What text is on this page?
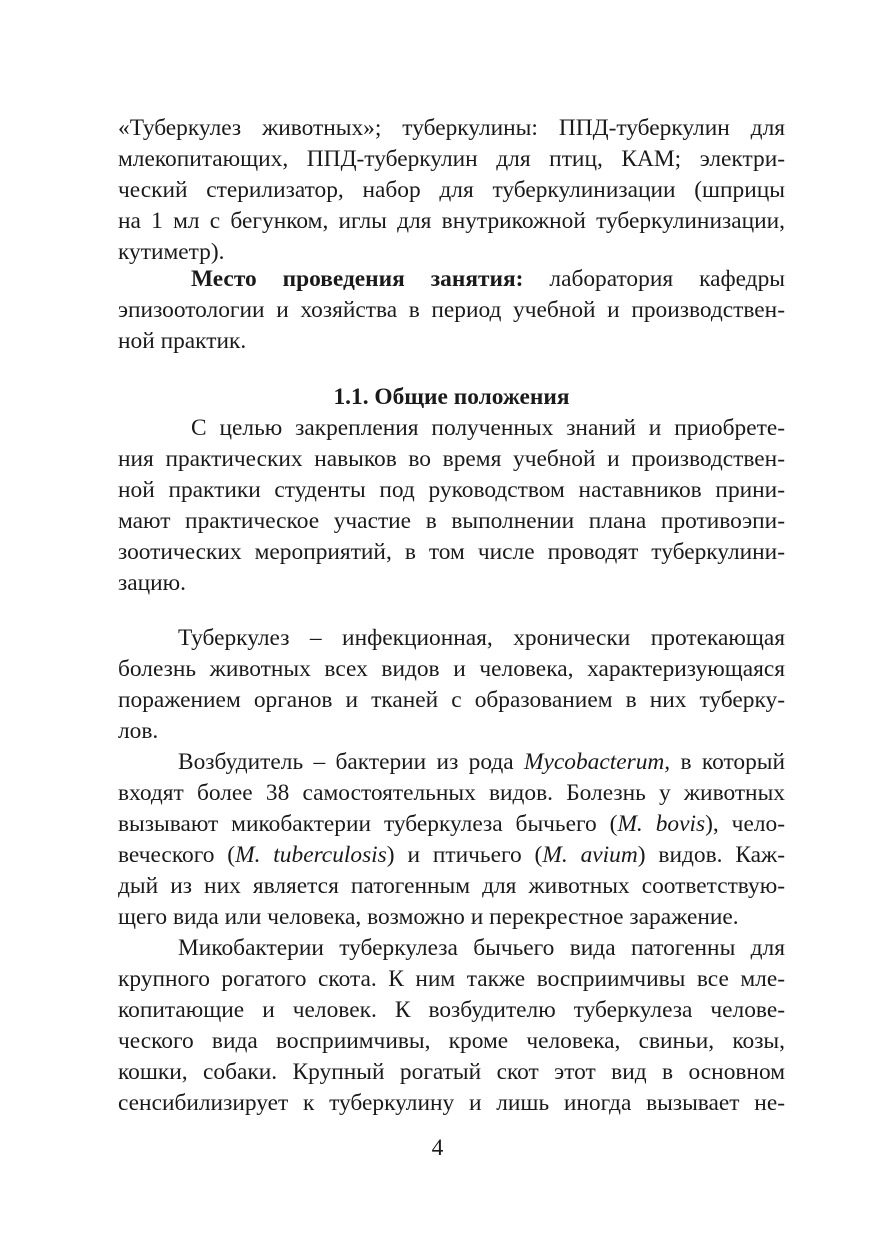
«Туберкулез животных»; туберкулины: ППД-туберкулин для
млекопитающих, ППД-туберкулин для птиц, КАМ; электри-
ческий стерилизатор, набор для туберкулинизации (шприцы
на 1 мл с бегунком, иглы для внутрикожной туберкулинизации,
кутиметр).
Место проведения занятия: лаборатория кафедры
эпизоотологии и хозяйства в период учебной и производствен-
ной практик.
1.1. Общие положения
С целью закрепления полученных знаний и приобрете-
ния практических навыков во время учебной и производствен-
ной практики студенты под руководством наставников прини-
мают практическое участие в выполнении плана противоэпи-
зоотических мероприятий, в том числе проводят туберкулини-
зацию.
Туберкулез – инфекционная, хронически протекающая
болезнь животных всех видов и человека, характеризующаяся
поражением органов и тканей с образованием в них туберку-
лов.
Возбудитель – бактерии из рода Mycobacterum, в который
входят более 38 самостоятельных видов. Болезнь у животных
вызывают микобактерии туберкулеза бычьего (M. bovis), чело-
веческого (M. tuberculosis) и птичьего (M. avium) видов. Каж-
дый из них является патогенным для животных соответствую-
щего вида или человека, возможно и перекрестное заражение.
Микобактерии туберкулеза бычьего вида патогенны для
крупного рогатого скота. К ним также восприимчивы все мле-
копитающие и человек. К возбудителю туберкулеза челове-
ческого вида восприимчивы, кроме человека, свиньи, козы,
кошки, собаки. Крупный рогатый скот этот вид в основном
сенсибилизирует к туберкулину и лишь иногда вызывает не-
4
